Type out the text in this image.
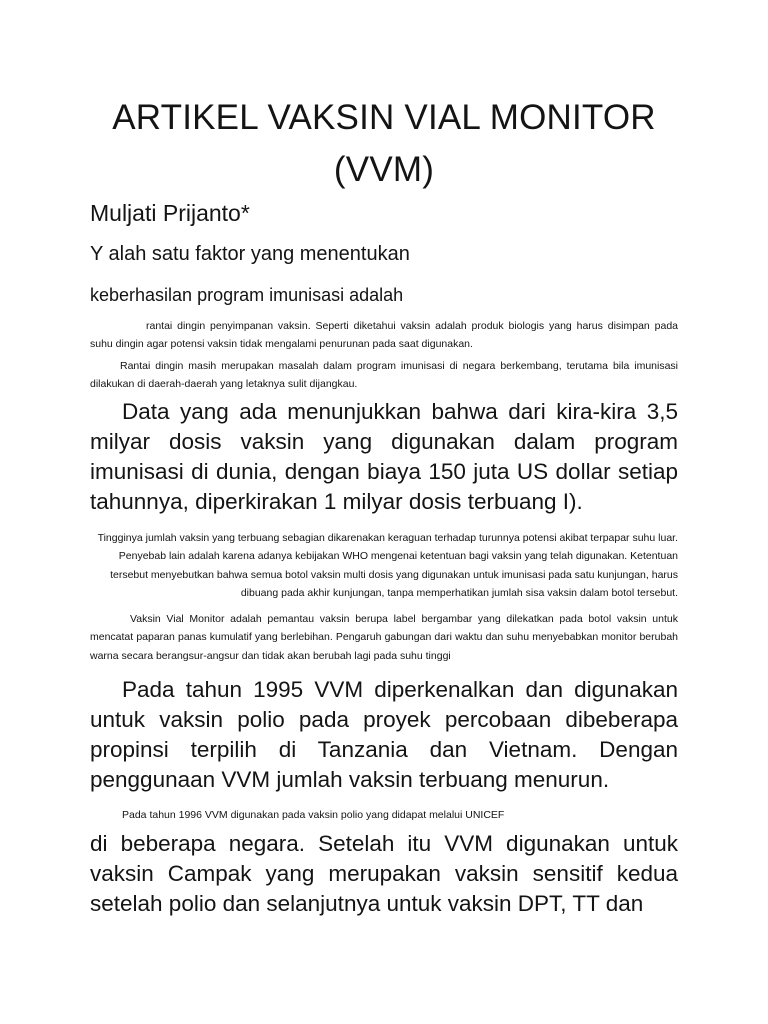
ARTIKEL VAKSIN VIAL MONITOR (VVM)

Muljati Prijanto*

Y alah satu faktor yang menentukan

keberhasilan program imunisasi adalah

rantai dingin penyimpanan vaksin. Seperti diketahui vaksin adalah produk biologis yang harus disimpan pada suhu dingin agar potensi vaksin tidak mengalami penurunan pada saat digunakan.

Rantai dingin masih merupakan masalah dalam program imunisasi di negara berkembang, terutama bila imunisasi dilakukan di daerah-daerah yang letaknya sulit dijangkau.

Data yang ada menunjukkan bahwa dari kira-kira 3,5 milyar dosis vaksin yang digunakan dalam program imunisasi di dunia, dengan biaya 150 juta US dollar setiap tahunnya, diperkirakan 1 milyar dosis terbuang I).

Tingginya jumlah vaksin yang terbuang sebagian dikarenakan keraguan terhadap turunnya potensi akibat terpapar suhu luar. Penyebab lain adalah karena adanya kebijakan WHO mengenai ketentuan bagi vaksin yang telah digunakan. Ketentuan tersebut menyebutkan bahwa semua botol vaksin multi dosis yang digunakan untuk imunisasi pada satu kunjungan, harus dibuang pada akhir kunjungan, tanpa memperhatikan jumlah sisa vaksin dalam botol tersebut.

Vaksin Vial Monitor adalah pemantau vaksin berupa label bergambar yang dilekatkan pada botol vaksin untuk mencatat paparan panas kumulatif yang berlebihan. Pengaruh gabungan dari waktu dan suhu menyebabkan monitor berubah warna secara berangsur-angsur dan tidak akan berubah lagi pada suhu tinggi

Pada tahun 1995 VVM diperkenalkan dan digunakan untuk vaksin polio pada proyek percobaan dibeberapa propinsi terpilih di Tanzania dan Vietnam. Dengan penggunaan VVM jumlah vaksin terbuang menurun.

Pada tahun 1996 VVM digunakan pada vaksin polio yang didapat melalui UNICEF

di beberapa negara. Setelah itu VVM digunakan untuk vaksin Campak yang merupakan vaksin sensitif kedua setelah polio dan selanjutnya untuk vaksin DPT, TT dan
